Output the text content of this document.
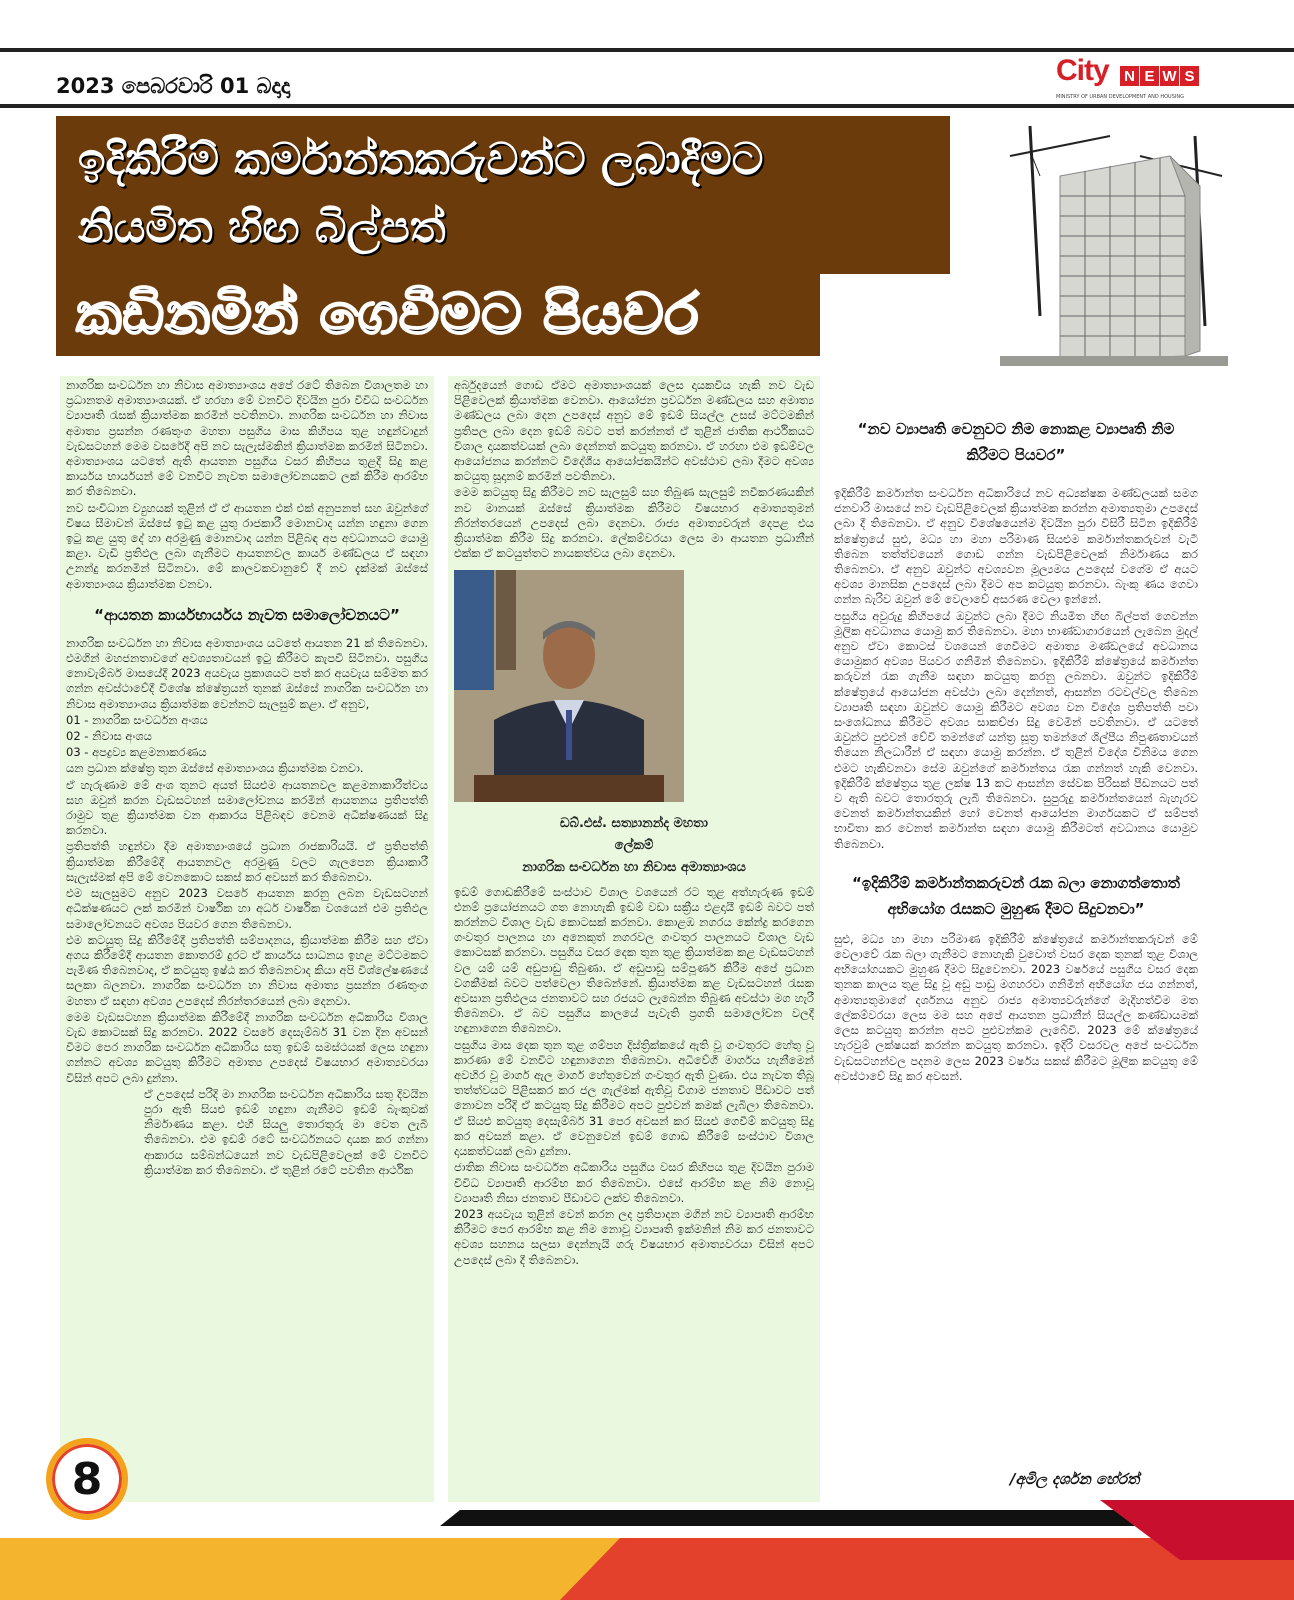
2023 පෙබරවාරි 01 බදාදා	City N E W S
MINISTRY OF URBAN DEVELOPMENT AND HOUSING
ඉදිකිරීම් කර්මාන්තකරුවන්ට ලබාදීමට
නියමිත හිඟ බිල්පත්
කඩිනමින් ගෙවීමට පියවර

නාගරික සංවර්ධන හා නිවාස අමාත්‍යාංශය අපේ රටේ තිබෙන විශාලතම හා ප්‍රධානතම අමාත්‍යාංශයක්. ඒ හරහා මේ වනවිට දිවයින පුරා විවිධ සංවර්ධන ව්‍යාපෘති රැසක් ක්‍රියාත්මක කරමින් පවතිනවා. නාගරික සංවර්ධන හා නිවාස අමාත්‍ය ප්‍රසන්න රණතුංග මහතා පසුගිය මාස කිහිපය තුළ හඳුන්වාදුන් වැඩසටහන් මෙම වසරේදී අපි නව සැලැස්මකින් ක්‍රියාත්මක කරමින් සිටිනවා. අමාත්‍යාංශය යටතේ ඇති ආයතන පසුගිය වසර කිහිපය තුළදී සිදු කළ කාර්යය භාර්යයන් මේ වනවිට නැවත සමාලෝචනයකට ලක් කිරීම ආරම්භ කර තිබෙනවා.

නව සංවිධාන ව්‍යුහයක් තුළින් ඒ ඒ ආයතන එක් එක් අනුපනත් සහ ඔවුන්ගේ විෂය සීමාවන් ඔස්සේ ඉටු කළ යුතු රාජකාරී මොනවාද යන්න හඳුනා ගෙන ඉටු කළ යුතු දේ හා අරමුණු මොනවාද යන්න පිළිබඳ අප අවධානයට යොමු කළා. වැඩි ප්‍රතිඵල ලබා ගැනීමට ආයතනවල කාර්ය මණ්ඩලය ඒ සඳහා උනන්දු කරනමින් සිටිනවා. මේ කාලවකවානුවේ දී නව දැක්මක් ඔස්සේ අමාත්‍යාංශය ක්‍රියාත්මක වනවා.

“ආයතන කාර්යභාර්යය නැවත සමාලෝචනයට”

නාගරික සංවර්ධන හා නිවාස අමාත්‍යාංශය යටතේ ආයතන 21 ක් තිබෙනවා. එමගින් මහජනතාවගේ අවශ්‍යතාවයන් ඉටු කිරීමට කැපවී සිටිනවා. පසුගිය නොවැම්බර් මාසයේදී 2023 අයවැය ප්‍රකාශයට පත් කර අයවැය සම්මත කර ගන්න අවස්ථාවේදී විශේෂ ක්ෂේත්‍රයන් තුනක් ඔස්සේ නාගරික සංවර්ධන හා නිවාස අමාත්‍යාංශය ක්‍රියාත්මක වෙන්නට සැලසුම් කළා. ඒ අනුව,

01 - නාගරික සංවර්ධන අංශය

02 - නිවාස අංශය

03 - අපද්‍රව්‍ය කළමනාකරණය

යන ප්‍රධාන ක්ෂේත්‍ර තුන ඔස්සේ අමාත්‍යාංශය ක්‍රියාත්මක වනවා.

ඒ හැරුණාම මේ අංශ තුනට අයත් සියළුම ආයතනවල කළමනාකාරීත්වය සහ ඔවුන් කරන වැඩසටහන් සමාලෝචනය කරමින් ආයතනය ප්‍රතිපත්ති රාමුව තුළ ක්‍රියාත්මක වන ආකාරය පිළිබඳව වෙනම අධීක්ෂණයක් සිදු කරනවා.

ප්‍රතිපත්ති හඳුන්වා දීම අමාත්‍යාංශයේ ප්‍රධාන රාජකාරියයි. ඒ ප්‍රතිපත්ති ක්‍රියාත්මක කිරීමේදී ආයතනවල අරමුණු වලට ගැලපෙන ක්‍රියාකාරී සැලැස්මක් අපි මේ වෙනකොට සකස් කර අවසන් කර තිබෙනවා.

එම සැලසුමට අනුව 2023 වසරේ ආයතන කරනු ලබන වැඩසටහන් අධීක්ෂණයට ලක් කරමින් වාර්ෂික හා අර්ධ වාර්ෂික වශයෙන් එම ප්‍රතිඵල සමාලෝචනයට අවශ්‍ය පියවර ගෙන තිබෙනවා.

එම කටයුතු සිදු කිරීමේදී ප්‍රතිපත්ති සම්පාදනය, ක්‍රියාත්මක කිරීම සහ ඒවා අගය කිරීමේදී ආයතන කොතරම් දුරට ඒ කාර්යය සාධනය ඉහළ මට්ටමකට පැමිණ තිබෙනවාද, ඒ කටයුතු ඉෂ්ඨ කර තිබෙනවාද කියා අපි විශ්ලේෂණයේ සලකා බලනවා. නාගරික සංවර්ධන හා නිවාස අමාත්‍ය ප්‍රසන්න රණතුංග මහතා ඒ සඳහා අවශ්‍ය උපදෙස් නිරන්තරයෙන් ලබා දෙනවා.

මෙම වැඩසටහන ක්‍රියාත්මක කිරීමේදී නාගරික සංවර්ධන අධිකාරිය විශාල වැඩ කොටසක් සිදු කරනවා. 2022 වසරේ දෙසැම්බර් 31 වන දින අවසන් වීමට පෙර නාගරික සංවර්ධන අධිකාරිය සතු ඉඩම් සමස්ථයක් ලෙස හඳුනා ගන්නට අවශ්‍ය කටයුතු කිරීමට අමාත්‍ය උපදෙස් විෂයභාර අමාත්‍යවරයා විසින් අපට ලබා දුන්නා.

ඒ උපදෙස් පරිදි මා නාගරික සංවර්ධන අධිකාරිය සතු දිවයින පුරා ඇති සියළු ඉඩම් හඳුනා ගැනීමට ඉඩම් බැංකුවක් නිර්මාණය කළා. එහි සියලු තොරතුරු මා වෙත ලැබී තිබෙනවා. එම ඉඩම් රටේ සංවර්ධනයට දායක කර ගන්නා ආකාරය සම්බන්ධයෙන් නව වැඩපිළිවෙලක් මේ වනවිට ක්‍රියාත්මක කර තිබෙනවා. ඒ තුළින් රටේ පවතින ආර්ථික

අර්බුදයෙන් ගොඩ ඒමට අමාත්‍යාංශයක් ලෙස දායකවිය හැකි නව වැඩ පිළිවෙලක් ක්‍රියාත්මක වෙනවා. ආයෝජන ප්‍රවර්ධන මණ්ඩලය සහ අමාත්‍ය මණ්ඩලය ලබා දෙන උපදෙස් අනුව මේ ඉඩම් සියල්ල උසස් මට්ටමකින් ප්‍රතිපල ලබා දෙන ඉඩම් බවට පත් කරන්නත් ඒ තුළින් ජාතික ආර්ථිකයට විශාල දායකත්වයක් ලබා දෙන්නත් කටයුතු කරනවා. ඒ හරහා එම ඉඩම්වල ආයෝජනය කරන්නට විදේශීය ආයෝජකයින්ට අවස්ථාව ලබා දීමට අවශ්‍ය කටයුතු සූදානම් කරමින් පවතිනවා.

මෙම කටයුතු සිදු කිරීමට නව සැලසුම් සහ තිබුණ සැලසුම් නවීකරණයකින් නව මානයක් ඔස්සේ ක්‍රියාත්මක කිරීමට විෂයභාර අමාත්‍යතුමන් නිරන්තරයෙන් උපදෙස් ලබා දෙනවා. රාජ්‍ය අමාත්‍යවරුන් දෙපළ එය ක්‍රියාත්මක කිරීම සිදු කරනවා. ලේකම්වරයා ලෙස මා ආයතන ප්‍රධානීන් එක්ක ඒ කටයුත්තට නායකත්වය ලබා දෙනවා.

ඩබ්.එස්. සත්‍යානන්ද මහතා
ලේකම්
නාගරික සංවර්ධන හා නිවාස අමාත්‍යාංශය

ඉඩම් ගොඩකිරීමේ සංස්ථාව විශාල වශයෙන් රට තුළ අත්හැරුණ ඉඩම් එනම් ප්‍රයෝජනයට ගත නොහැකි ඉඩම් වඩා සක්‍රීය එළදායී ඉඩම් බවට පත් කරන්නට විශාල වැඩ කොටසක් කරනවා. කොළඹ නගරය කේන්ද්‍ර කරගෙන ගංවතුර පාලනය හා අනෙකුත් නගරවල ගංවතුර පාලනයට විශාල වැඩ කොටසක් කරනවා. පසුගිය වසර දෙක තුන තුළ ක්‍රියාත්මක කළ වැඩසටහන් වල යම් යම් අඩුපාඩු තිබුණා. ඒ අඩුපාඩු සම්පූර්ණ කිරීම අපේ ප්‍රධාන වගකීමක් බවට පත්වෙලා තිබෙන්නේ. ක්‍රියාත්මක කළ වැඩසටහන් රැසක අවසාන ප්‍රතිඵලය ජනතාවට සහ රජයට ලැබෙන්න තිබුණ අවස්ථා මග හැරී තිබෙනවා. ඒ බව පසුගිය කාලයේ පැවැති ප්‍රගති සමාලෝචන වලදී හඳුනාගෙන තිබෙනවා.

පසුගිය මාස දෙක තුන තුළ ගම්පහ දිස්ත්‍රික්කයේ ඇති වූ ගංවතුරට හේතු වූ කාරණා මේ වනවිට හඳුනාගෙන තිබෙනවා. අධිවේගී මාර්ගය හැනීමෙන් අවහිර වූ මාර්ග ඇල මාර්ග හේතුවෙන් ගංවතුර ඇති වුණා. එය නැවත තිබූ තත්ත්වයට පිළිසකර කර ජල ගැල්මක් ඇතිවූ විගාම ජනතාව පීඩාවට පත් නොවන පරිදි ඒ කටයුතු සිදු කිරීමට අපට පුළුවන් කමක් ලැබිලා තිබෙනවා. ඒ සියළු කටයුතු දෙසැම්බර් 31 පෙර අවසන් කර සියළු ගෙවීම් කටයුතු සිදු කර අවසන් කළා. ඒ වෙනුවෙන් ඉඩම් ගොඩ කිරීමේ සංස්ථාව විශාල දායකත්වයක් ලබා දුන්නා.

ජාතික නිවාස සංවර්ධන අධිකාරිය පසුගිය වසර කිහිපය තුළ දිවයින පුරාම විවිධ ව්‍යාපෘති ආරම්භ කර තිබෙනවා. එසේ ආරම්භ කළ නිම නොවූ ව්‍යාපෘති නිසා ජනතාව පීඩාවට ලක්ව තිබෙනවා.

2023 අයවැය තුළින් වෙන් කරන ලද ප්‍රතිපාදන මගින් නව ව්‍යාපෘති ආරම්භ කිරීමට පෙර ආරම්භ කළ නිම නොවූ ව්‍යාපෘති ඉක්මනින් නිම කර ජනතාවට අවශ්‍ය සහනය සලසා දෙන්නැයි ගරු විෂයභාර අමාත්‍යවරයා විසින් අපට උපදෙස් ලබා දී තිබෙනවා.

“නව ව්‍යාපෘති වෙනුවට නිම නොකළ ව්‍යාපෘති නිම කිරීමට පියවර”

ඉදිකිරීම් කර්මාන්ත සංවර්ධන අධිකාරියේ නව අධ්‍යක්ෂක මණ්ඩලයක් සමග ජනවාරි මාසයේ නව වැඩපිළිවෙලක් ක්‍රියාත්මක කරන්න අමාත්‍යතුමා උපදෙස් ලබා දී තිබෙනවා. ඒ අනුව විශේෂයෙන්ම දිවයින පුරා විසිරී සිටින ඉදිකිරීම් ක්ෂේත්‍රයේ සුළු, මධ්‍ය හා මහා පරිමාණ සියළුම කර්මාන්තකරුවන් වැටී තිබෙන තත්ත්වයෙන් ගොඩ ගන්න වැඩපිළිවෙලක් නිර්මාණය කර තිබෙනවා. ඒ අනුව ඔවුන්ට අවශ්‍යවන මූල්‍යමය උපදෙස් වගේම ඒ අයට අවශ්‍ය මානසික උපදෙස් ලබා දීමට අප කටයුතු කරනවා. බැංකු ණය ගෙවා ගන්න බැරිව ඔවුන් මේ වෙලාවේ අසරණ වෙලා ඉන්නේ.

පසුගිය අවුරුදු කිහිපයේ ඔවුන්ට ලබා දීමට නියමිත හිඟ බිල්පත් ගෙවන්න මූලික අවධානය යොමු කර තිබෙනවා. මහා භාණ්ඩාගාරයෙන් ලැබෙන මුදල් අනුව ඒවා කොටස් වශයෙන් ගෙවීමට අමාත්‍ය මණ්ඩලයේ අවධානය යොමුකර අවශ්‍ය පියවර ගනිමින් තිබෙනවා. ඉදිකිරීම් ක්ෂේත්‍රයේ කර්මාන්ත කරුවන් රැක ගැනීම සඳහා කටයුතු කරනු ලබනවා. ඔවුන්ට ඉදිකිරීම් ක්ෂේත්‍රයේ ආයෝජන අවස්ථා ලබා දෙන්නත්, ආසන්න රටවල්වල තිබෙන ව්‍යාපෘති සඳහා ඔවුන්ව යොමු කිරීමට අවශ්‍ය වන විදේශ ප්‍රතිපත්ති පවා සංශෝධනය කිරීමට අවශ්‍ය සාකච්ඡා සිදු වෙමින් පවතිනවා. ඒ යටතේ ඔවුන්ට පුළුවන් වේවි තමන්ගේ යන්ත්‍ර සූත්‍ර තමන්ගේ ශිල්පීය නිපුණතාවයන් තියෙන නිලධාරීන් ඒ සඳහා යොමු කරන්න. ඒ තුළින් විදේශ විනිමය ගෙන එමට හැකිවනවා සේම ඔවුන්ගේ කර්මාන්තය රැක ගන්නත් හැකි වෙනවා. ඉදිකිරීම් ක්ෂේත්‍රය තුළ ලක්ෂ 13 කට ආසන්න සේවක පිරිසක් පීඩනයට පත් ව ඇති බවට තොරතුරු ලැබී තිබෙනවා. සුපුරුදු කර්මාන්තයෙන් බැහැරව වෙනත් කර්මාන්තයකින් හෝ වෙනත් ආයෝජන මාර්ගයකට ඒ සම්පත් භාවිතා කර වෙනත් කර්මාන්ත සඳහා යොමු කිරීමටත් අවධානය යොමුව තිබෙනවා.

“ඉදිකිරීම් කර්මාන්තකරුවන් රැක බලා නොගත්තොත් අභියෝග රැසකට මුහුණ දීමට සිදුවනවා”

සුළු, මධ්‍ය හා මහා පරිමාණ ඉදිකිරීම් ක්ෂේත්‍රයේ කර්මාන්තකරුවන් මේ වෙලාවේ රැක බලා ගැනීමට නොහැකි වුවොත් වසර දෙක තුනක් තුළ විශාල අභියෝගයකට මුහුණ දීමට සිදුවෙනවා. 2023 වර්ෂයේ පසුගිය වසර දෙක තුනක කාලය තුළ සිදු වූ අඩු පාඩු මගහරවා ගනිමින් අභියෝග ජය ගන්නත්, අමාත්‍යතුමාගේ දර්ශනය අනුව රාජ්‍ය අමාත්‍යවරුන්ගේ මැදිහත්වීම මත ලේකම්වරයා ලෙස මම සහ අපේ ආයතන ප්‍රධානීන් සියල්ල කණ්ඩායමක් ලෙස කටයුතු කරන්න අපට පුළුවන්කම ලැබේවි. 2023 මේ ක්ෂේත්‍රයේ හැරවුම් ලක්ෂයක් කරන්න කටයුතු කරනවා. ඉදිරි වසරවල අපේ සංවර්ධන වැඩසටහන්වල පදනම ලෙස 2023 වර්ෂය සකස් කිරීමට මූලික කටයුතු මේ අවස්ථාවේ සිදු කර අවසන්.

8	/අමිල දර්ශන හේරත්
